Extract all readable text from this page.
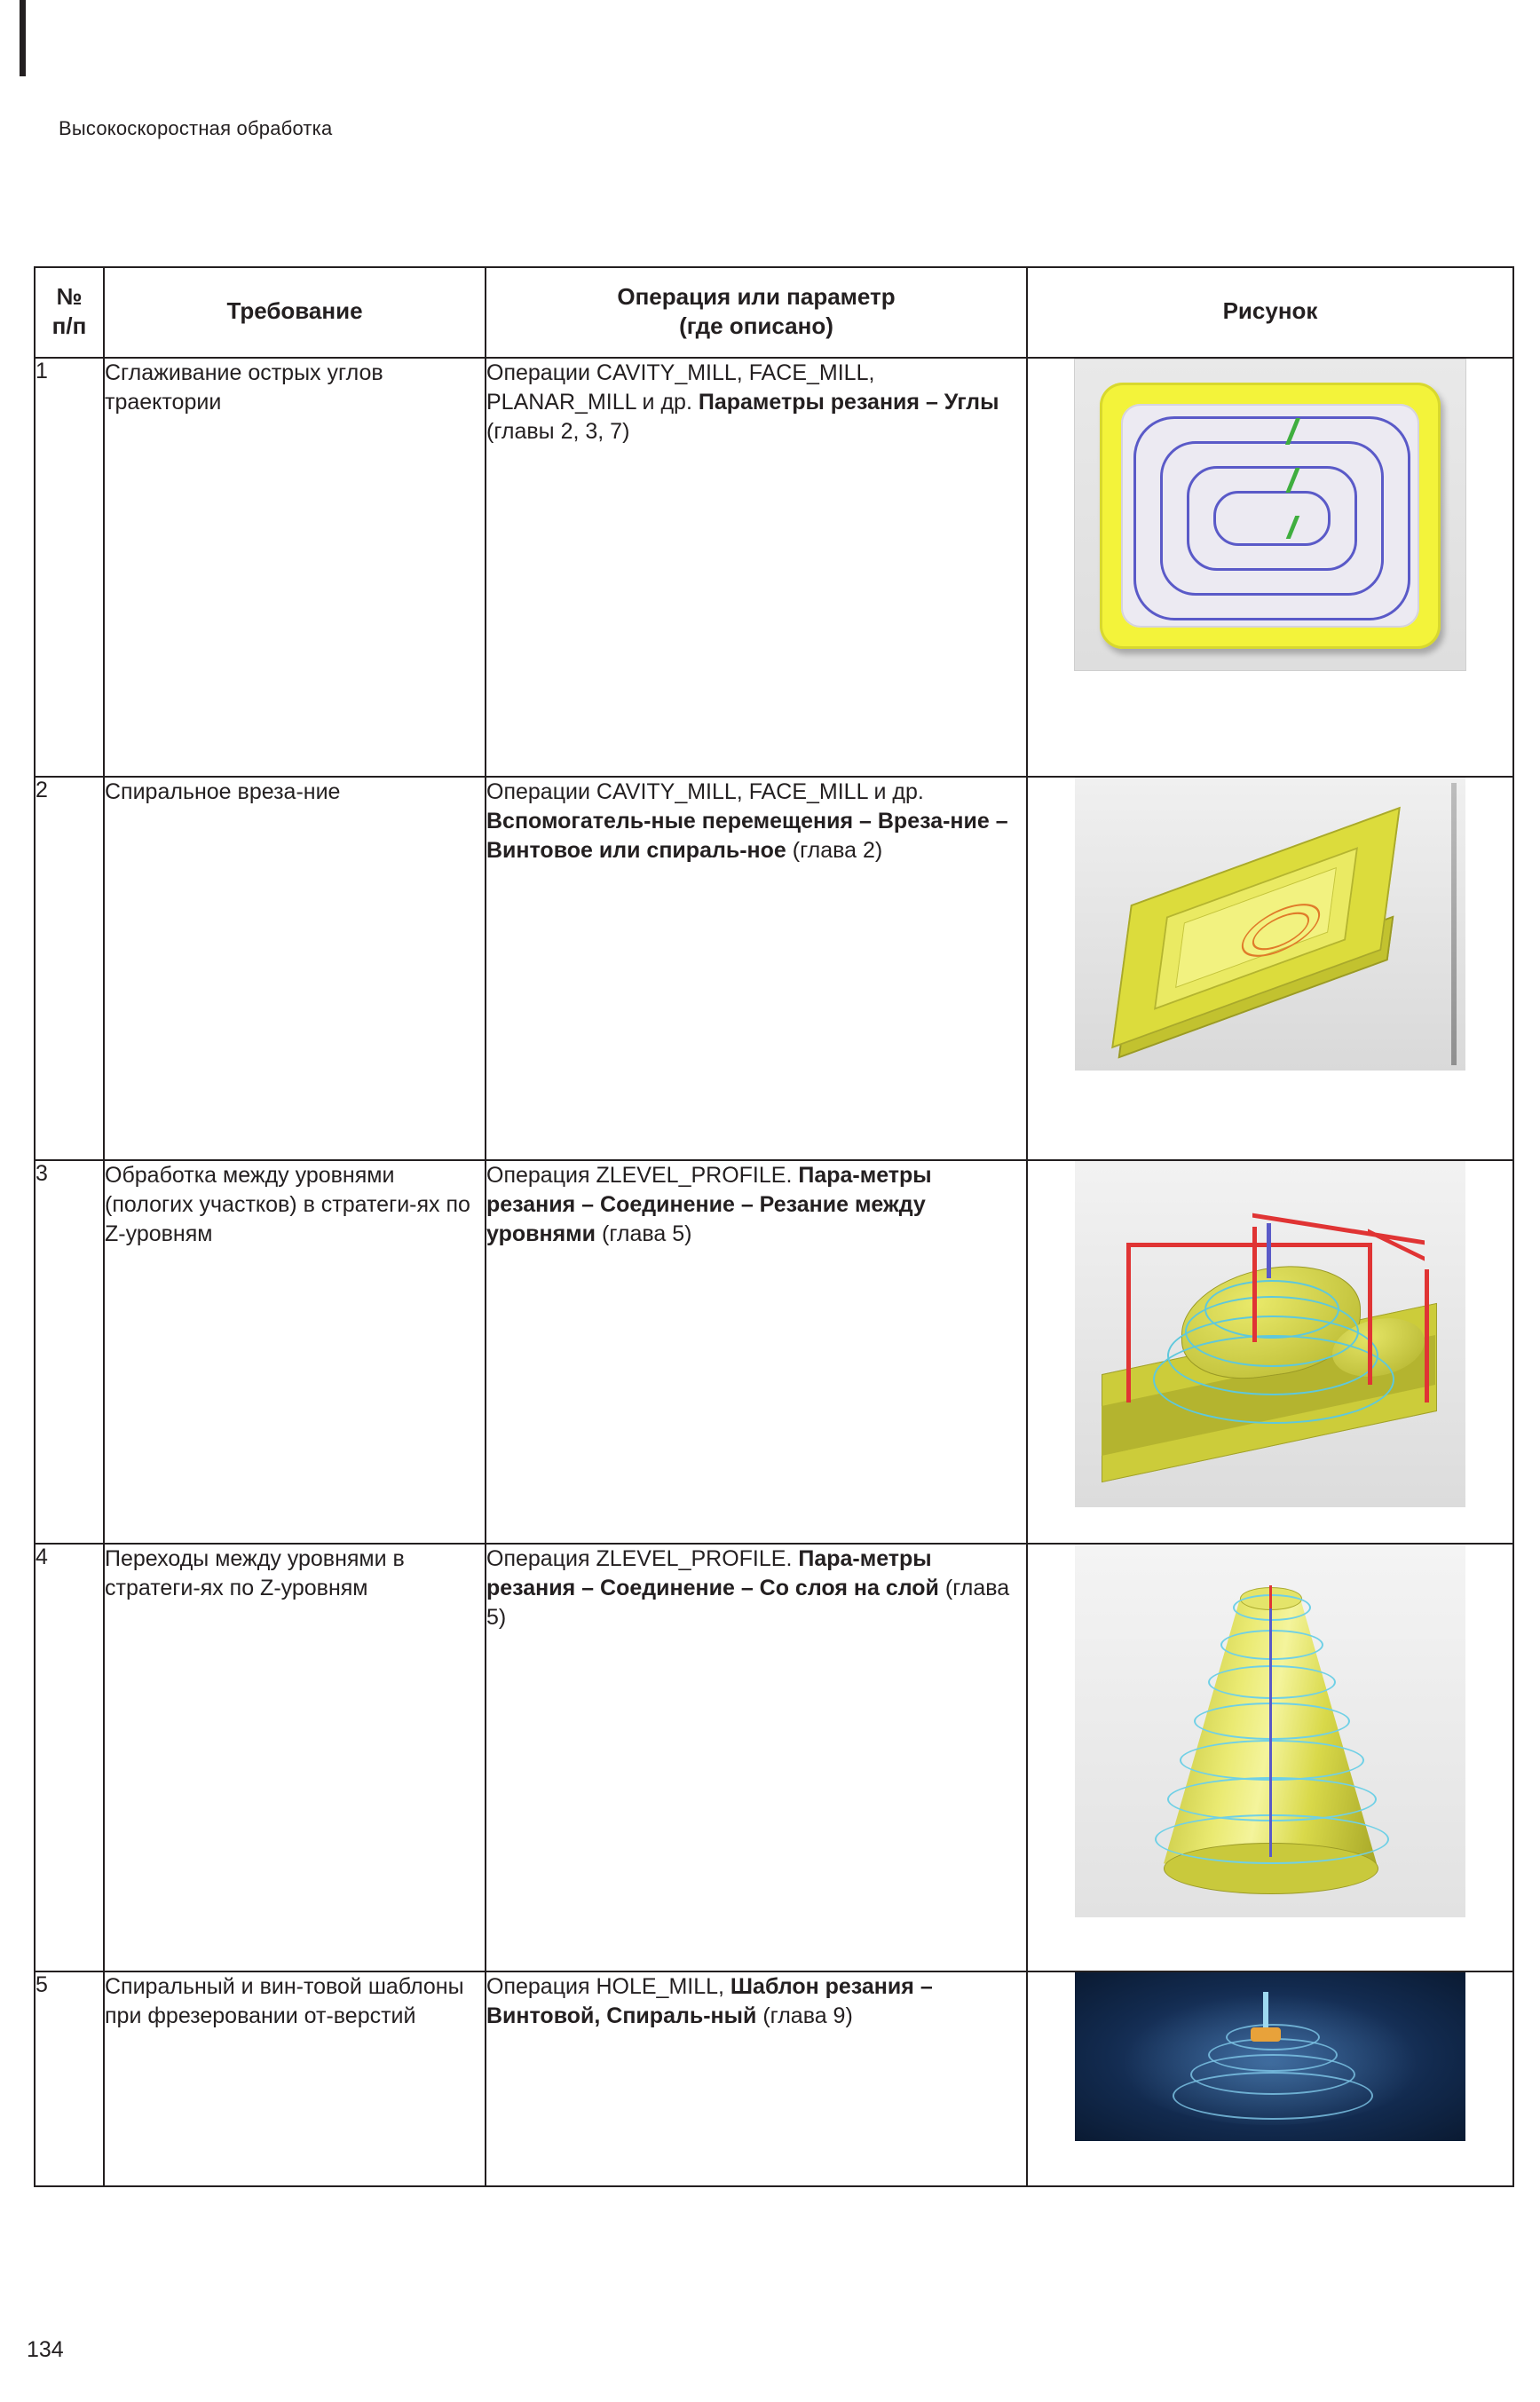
Высокоскоростная обработка
№
п/п	Требование	Операция или параметр
(где описано)	Рисунок
1	Сглаживание острых углов траектории	Операции CAVITY_MILL, FACE_MILL, PLANAR_MILL и др. Параметры резания – Углы (главы 2, 3, 7)	

2	Спиральное вреза-ние	Операции CAVITY_MILL, FACE_MILL и др. Вспомогатель-ные перемещения – Вреза-ние – Винтовое или спираль-ное (глава 2)	

3	Обработка между уровнями (пологих участков) в стратеги-ях по Z-уровням	Операция ZLEVEL_PROFILE. Пара-метры резания – Соединение – Резание между уровнями (глава 5)	

4	Переходы между уровнями в стратеги-ях по Z-уровням	Операция ZLEVEL_PROFILE. Пара-метры резания – Соединение – Со слоя на слой (глава 5)	

5	Спиральный и вин-товой шаблоны при фрезеровании от-верстий	Операция HOLE_MILL, Шаблон резания – Винтовой, Спираль-ный (глава 9)	
134
